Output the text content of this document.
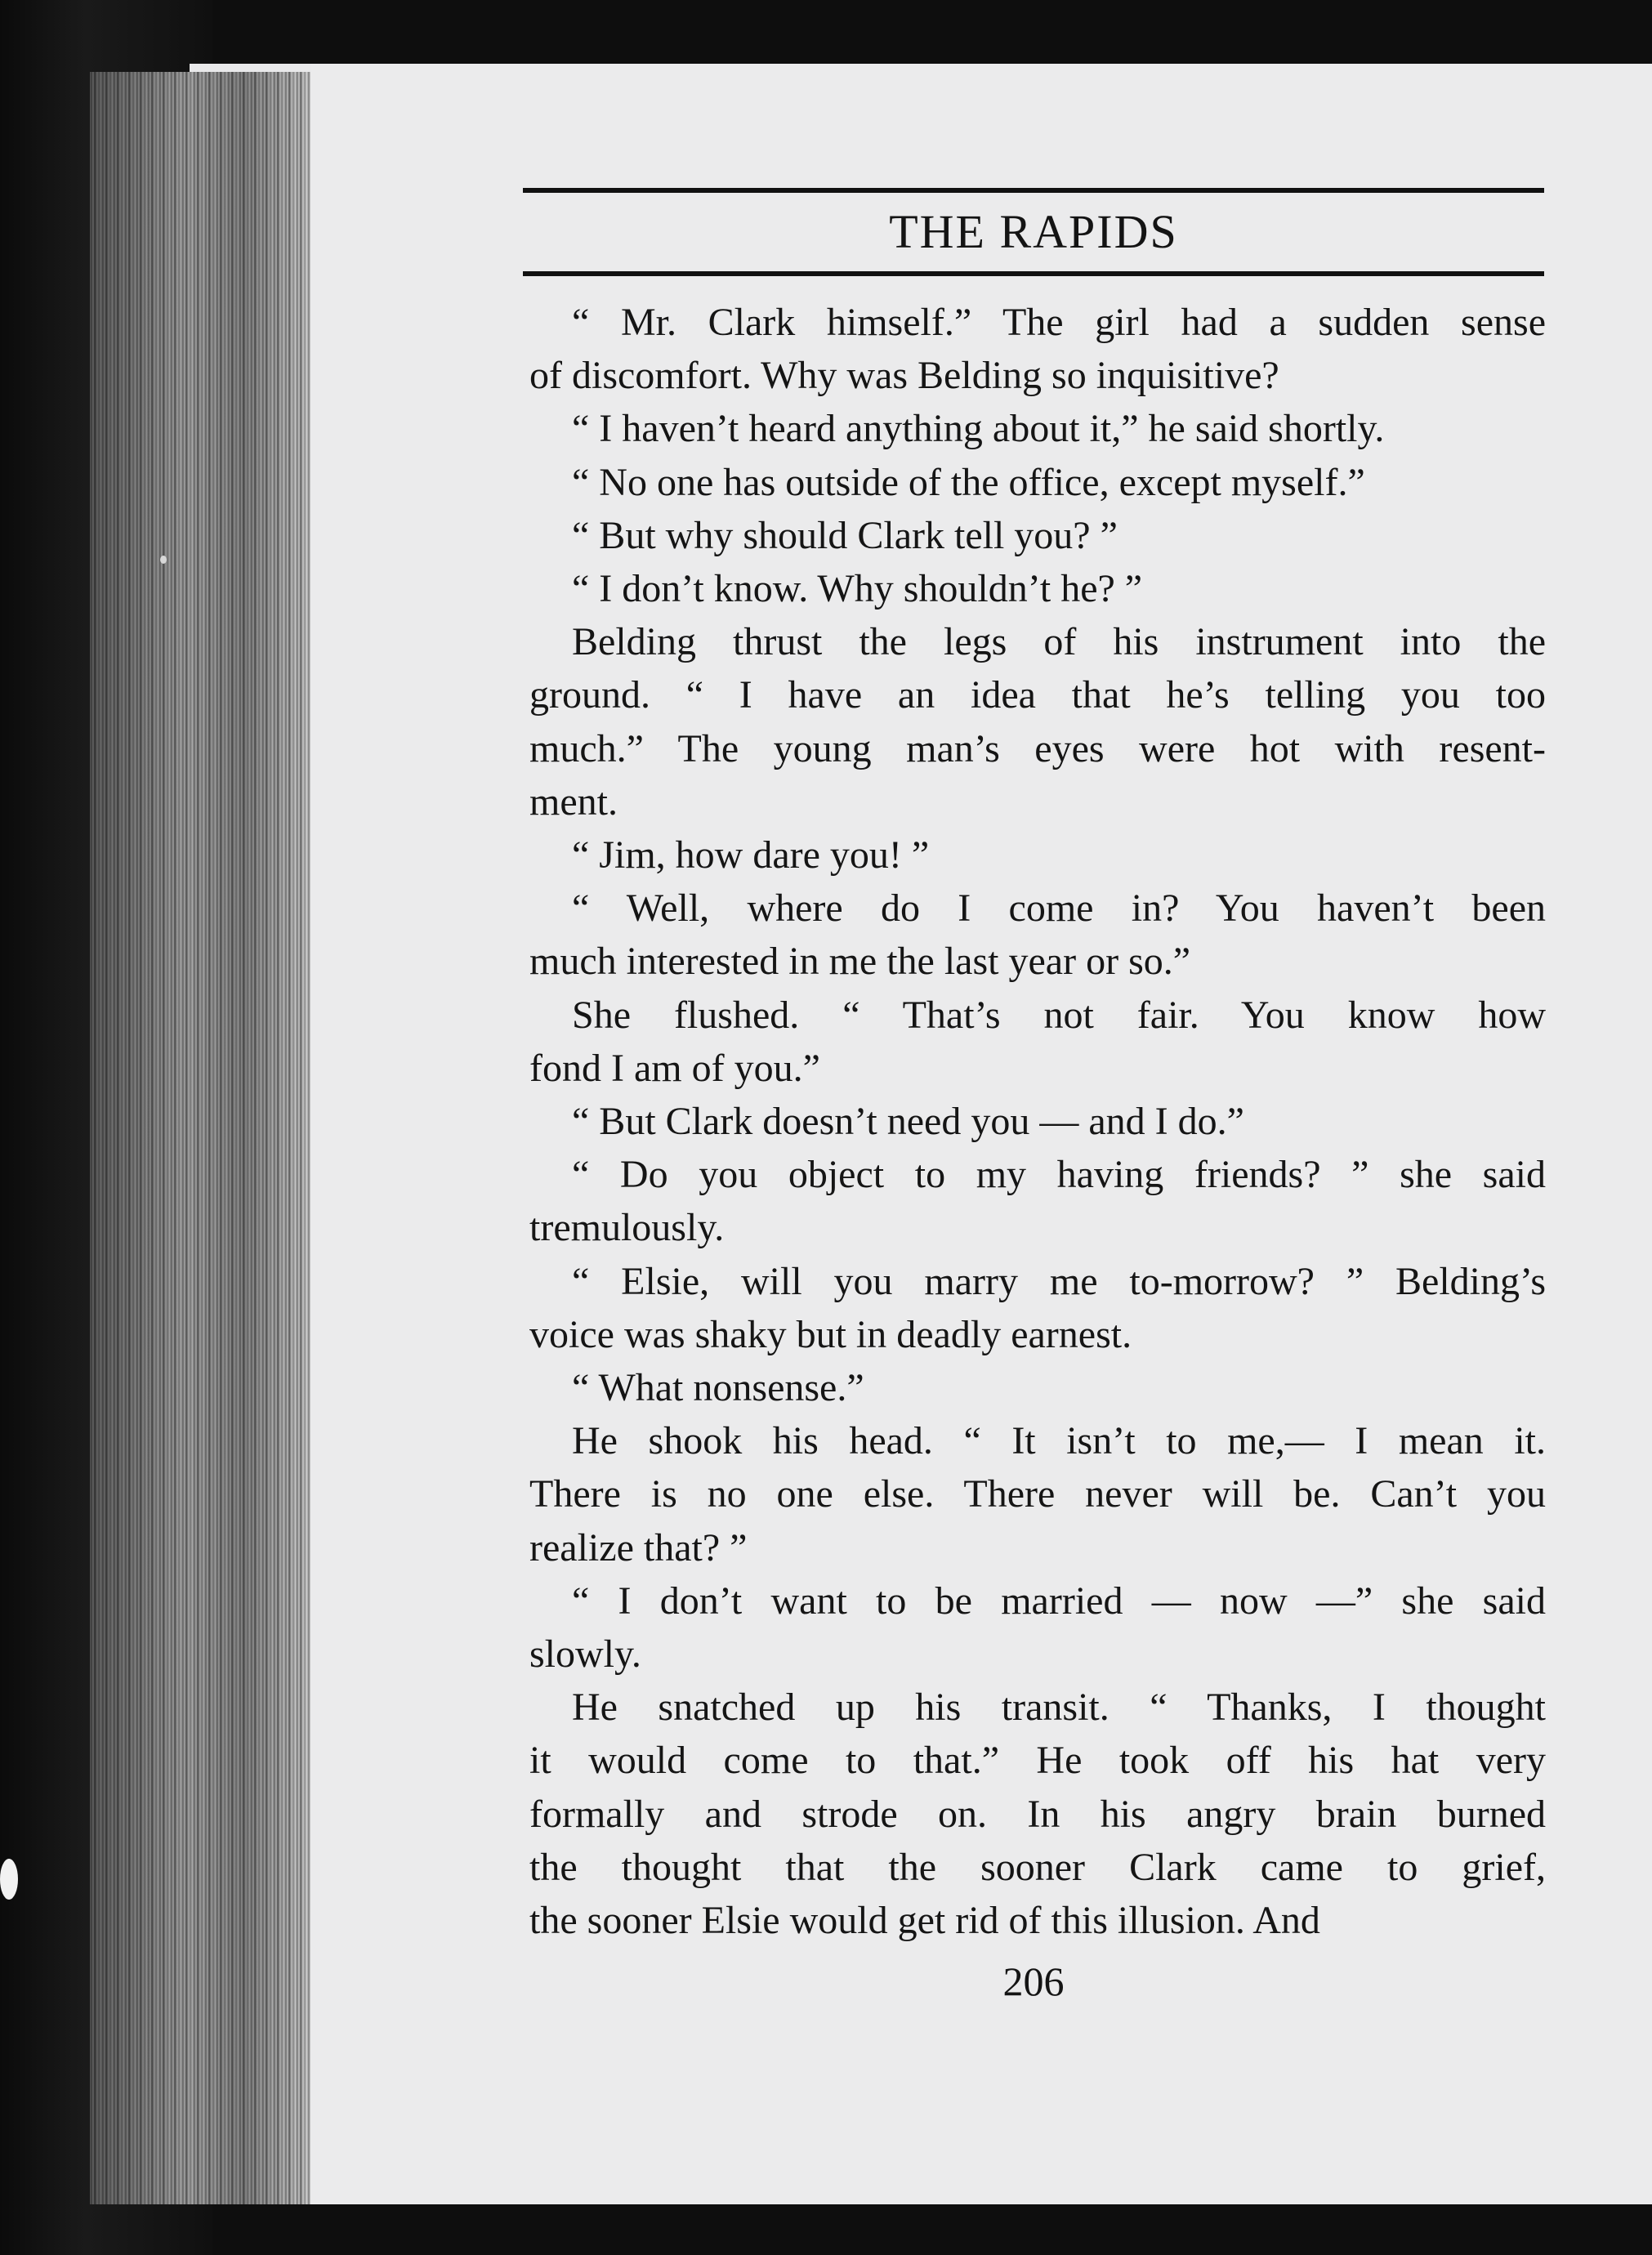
THE RAPIDS
“ Mr. Clark himself.” The girl had a sudden sense
of discomfort. Why was Belding so inquisitive?
“ I haven’t heard anything about it,” he said shortly.
“ No one has outside of the office, except myself.”
“ But why should Clark tell you? ”
“ I don’t know. Why shouldn’t he? ”
Belding thrust the legs of his instrument into the
ground. “ I have an idea that he’s telling you too
much.” The young man’s eyes were hot with resent-
ment.
“ Jim, how dare you! ”
“ Well, where do I come in? You haven’t been
much interested in me the last year or so.”
She flushed. “ That’s not fair. You know how
fond I am of you.”
“ But Clark doesn’t need you — and I do.”
“ Do you object to my having friends? ” she said
tremulously.
“ Elsie, will you marry me to-morrow? ” Belding’s
voice was shaky but in deadly earnest.
“ What nonsense.”
He shook his head. “ It isn’t to me,— I mean it.
There is no one else. There never will be. Can’t you
realize that? ”
“ I don’t want to be married — now —” she said
slowly.
He snatched up his transit. “ Thanks, I thought
it would come to that.” He took off his hat very
formally and strode on. In his angry brain burned
the thought that the sooner Clark came to grief,
the sooner Elsie would get rid of this illusion. And
206
